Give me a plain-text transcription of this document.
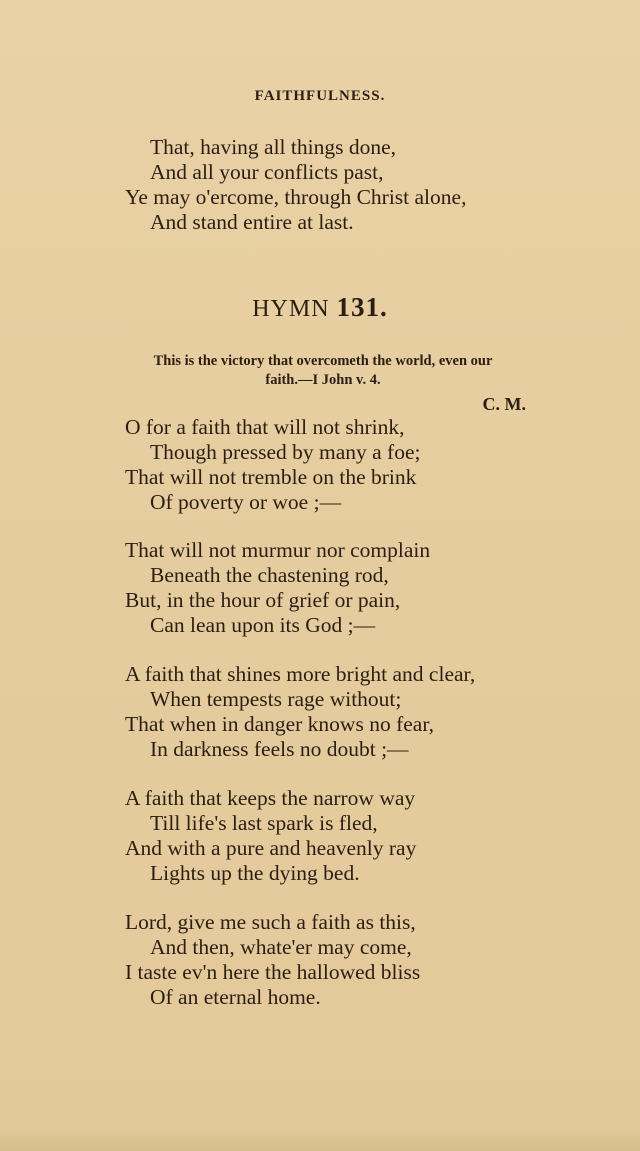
FAITHFULNESS.
That, having all things done,
And all your conflicts past,
Ye may o'ercome, through Christ alone,
And stand entire at last.
HYMN 131.
This is the victory that overcometh the world, even our
faith.—I John v. 4.
C. M.
O for a faith that will not shrink,
Though pressed by many a foe;
That will not tremble on the brink
Of poverty or woe ;—
That will not murmur nor complain
Beneath the chastening rod,
But, in the hour of grief or pain,
Can lean upon its God ;—
A faith that shines more bright and clear,
When tempests rage without;
That when in danger knows no fear,
In darkness feels no doubt ;—
A faith that keeps the narrow way
Till life's last spark is fled,
And with a pure and heavenly ray
Lights up the dying bed.
Lord, give me such a faith as this,
And then, whate'er may come,
I taste ev'n here the hallowed bliss
Of an eternal home.
